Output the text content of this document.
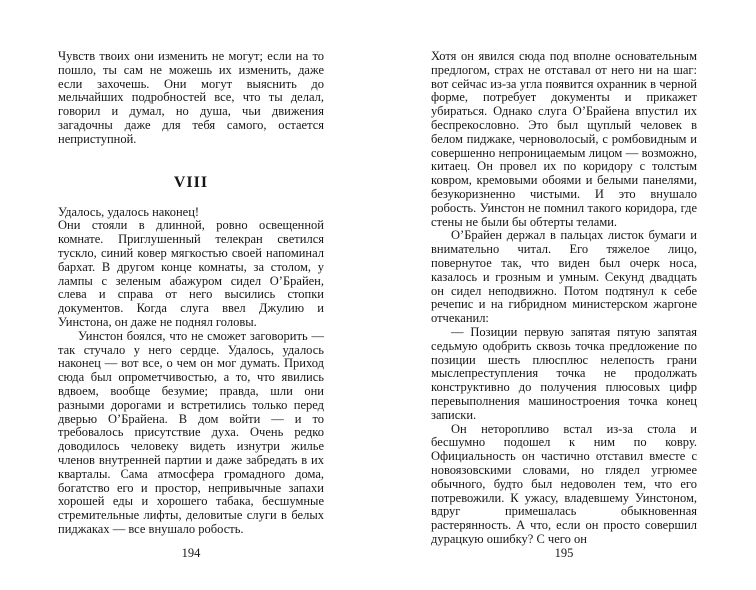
Чувств твоих они изменить не могут; если на то пошло, ты сам не можешь их изменить, даже если захочешь. Они могут выяснить до мельчайших подробностей все, что ты делал, говорил и думал, но душа, чьи движения загадочны даже для тебя самого, остается неприступной.

VIII

Удалось, удалось наконец!

Они стояли в длинной, ровно освещенной комнате. Приглушенный телекран светился тускло, синий ковер мягкостью своей напоминал бархат. В другом конце комнаты, за столом, у лампы с зеленым абажуром сидел О’Брайен, слева и справа от него высились стопки документов. Когда слуга ввел Джулию и Уинстона, он даже не поднял головы.

Уинстон боялся, что не сможет заговорить — так стучало у него сердце. Удалось, удалось наконец — вот все, о чем он мог думать. Приход сюда был опрометчивостью, а то, что явились вдвоем, вообще безумие; правда, шли они разными дорогами и встретились только перед дверью О’Брайена. В дом войти — и то требовалось присутствие духа. Очень редко доводилось человеку видеть изнутри жилье членов внутренней партии и даже забредать в их кварталы. Сама атмосфера громадного дома, богатство его и простор, непривычные запахи хорошей еды и хорошего табака, бесшумные стремительные лифты, деловитые слуги в белых пиджаках — все внушало робость.

Хотя он явился сюда под вполне основательным предлогом, страх не отставал от него ни на шаг: вот сейчас из-за угла появится охранник в черной форме, потребует документы и прикажет убираться. Однако слуга О’Брайена впустил их беспрекословно. Это был щуплый человек в белом пиджаке, черноволосый, с ромбовидным и совершенно непроницаемым лицом — возможно, китаец. Он провел их по коридору с толстым ковром, кремовыми обоями и белыми панелями, безукоризненно чистыми. И это внушало робость. Уинстон не помнил такого коридора, где стены не были бы обтерты телами.

О’Брайен держал в пальцах листок бумаги и внимательно читал. Его тяжелое лицо, повернутое так, что виден был очерк носа, казалось и грозным и умным. Секунд двадцать он сидел неподвижно. Потом подтянул к себе речепис и на гибридном министерском жаргоне отчеканил:

— Позиции первую запятая пятую запятая седьмую одобрить сквозь точка предложение по позиции шесть плюсплюс нелепость грани мыслепреступления точка не продолжать конструктивно до получения плюсовых цифр перевыполнения машиностроения точка конец записки.

Он неторопливо встал из-за стола и бесшумно подошел к ним по ковру. Официальность он частично отставил вместе с новоязовскими словами, но глядел угрюмее обычного, будто был недоволен тем, что его потревожили. К ужасу, владевшему Уинстоном, вдруг примешалась обыкновенная растерянность. А что, если он просто совершил дурацкую ошибку? С чего он

194	195
